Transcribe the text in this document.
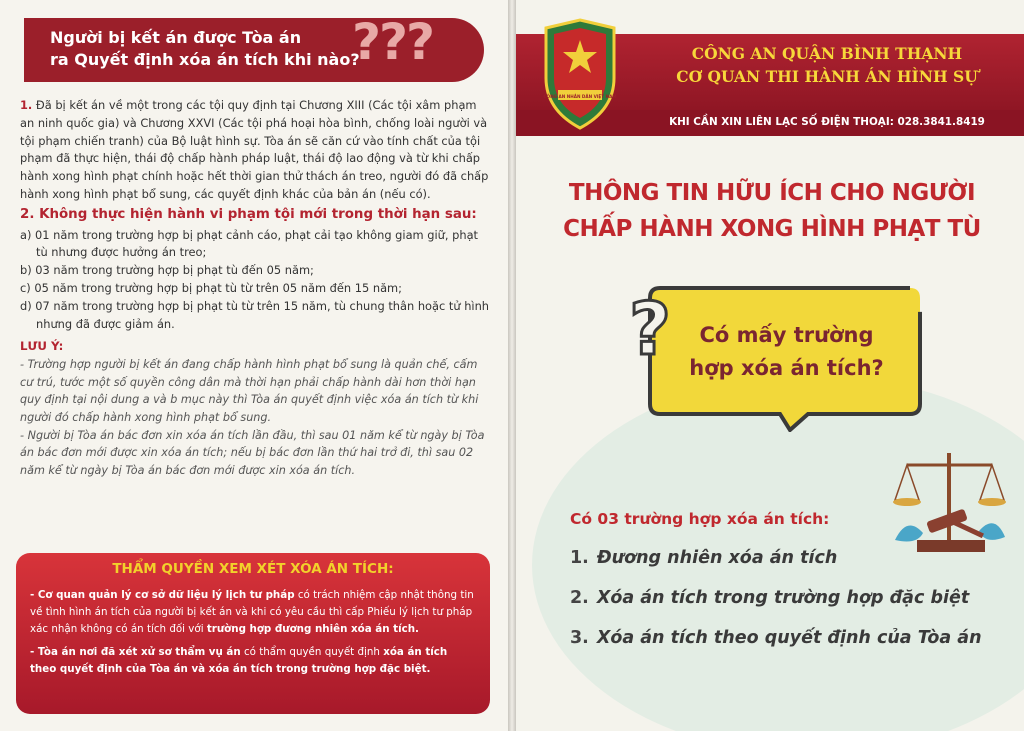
Người bị kết án được Tòa án
ra Quyết định xóa án tích khi nào?
???

1. Đã bị kết án về một trong các tội quy định tại Chương XIII (Các tội xâm phạm an ninh quốc gia) và Chương XXVI (Các tội phá hoại hòa bình, chống loài người và tội phạm chiến tranh) của Bộ luật hình sự. Tòa án sẽ căn cứ vào tính chất của tội phạm đã thực hiện, thái độ chấp hành pháp luật, thái độ lao động và từ khi chấp hành xong hình phạt chính hoặc hết thời gian thử thách án treo, người đó đã chấp hành xong hình phạt bổ sung, các quyết định khác của bản án (nếu có).

2. Không thực hiện hành vi phạm tội mới trong thời hạn sau:

a) 01 năm trong trường hợp bị phạt cảnh cáo, phạt cải tạo không giam giữ, phạt tù nhưng được hưởng án treo;

b) 03 năm trong trường hợp bị phạt tù đến 05 năm;

c) 05 năm trong trường hợp bị phạt tù từ trên 05 năm đến 15 năm;

d) 07 năm trong trường hợp bị phạt tù từ trên 15 năm, tù chung thân hoặc tử hình nhưng đã được giảm án.

LƯU Ý:

- Trường hợp người bị kết án đang chấp hành hình phạt bổ sung là quản chế, cấm cư trú, tước một số quyền công dân mà thời hạn phải chấp hành dài hơn thời hạn quy định tại nội dung a và b mục này thì Tòa án quyết định việc xóa án tích từ khi người đó chấp hành xong hình phạt bổ sung.

- Người bị Tòa án bác đơn xin xóa án tích lần đầu, thì sau 01 năm kể từ ngày bị Tòa án bác đơn mới được xin xóa án tích; nếu bị bác đơn lần thứ hai trở đi, thì sau 02 năm kể từ ngày bị Tòa án bác đơn mới được xin xóa án tích.

THẨM QUYỀN XEM XÉT XÓA ÁN TÍCH:

- Cơ quan quản lý cơ sở dữ liệu lý lịch tư pháp có trách nhiệm cập nhật thông tin về tình hình án tích của người bị kết án và khi có yêu cầu thì cấp Phiếu lý lịch tư pháp xác nhận không có án tích đối với trường hợp đương nhiên xóa án tích.

- Tòa án nơi đã xét xử sơ thẩm vụ án có thẩm quyền quyết định xóa án tích theo quyết định của Tòa án và xóa án tích trong trường hợp đặc biệt.

CÔNG AN QUẬN BÌNH THẠNH
CƠ QUAN THI HÀNH ÁN HÌNH SỰ
KHI CẦN XIN LIÊN LẠC SỐ ĐIỆN THOẠI: 028.3841.8419
CÔNG AN NHÂN DÂN VIỆT NAM
THÔNG TIN HỮU ÍCH CHO NGƯỜI
CHẤP HÀNH XONG HÌNH PHẠT TÙ
?	Có mấy trường
hợp xóa án tích?
Có 03 trường hợp xóa án tích:
1. Đương nhiên xóa án tích
2. Xóa án tích trong trường hợp đặc biệt
3. Xóa án tích theo quyết định của Tòa án
